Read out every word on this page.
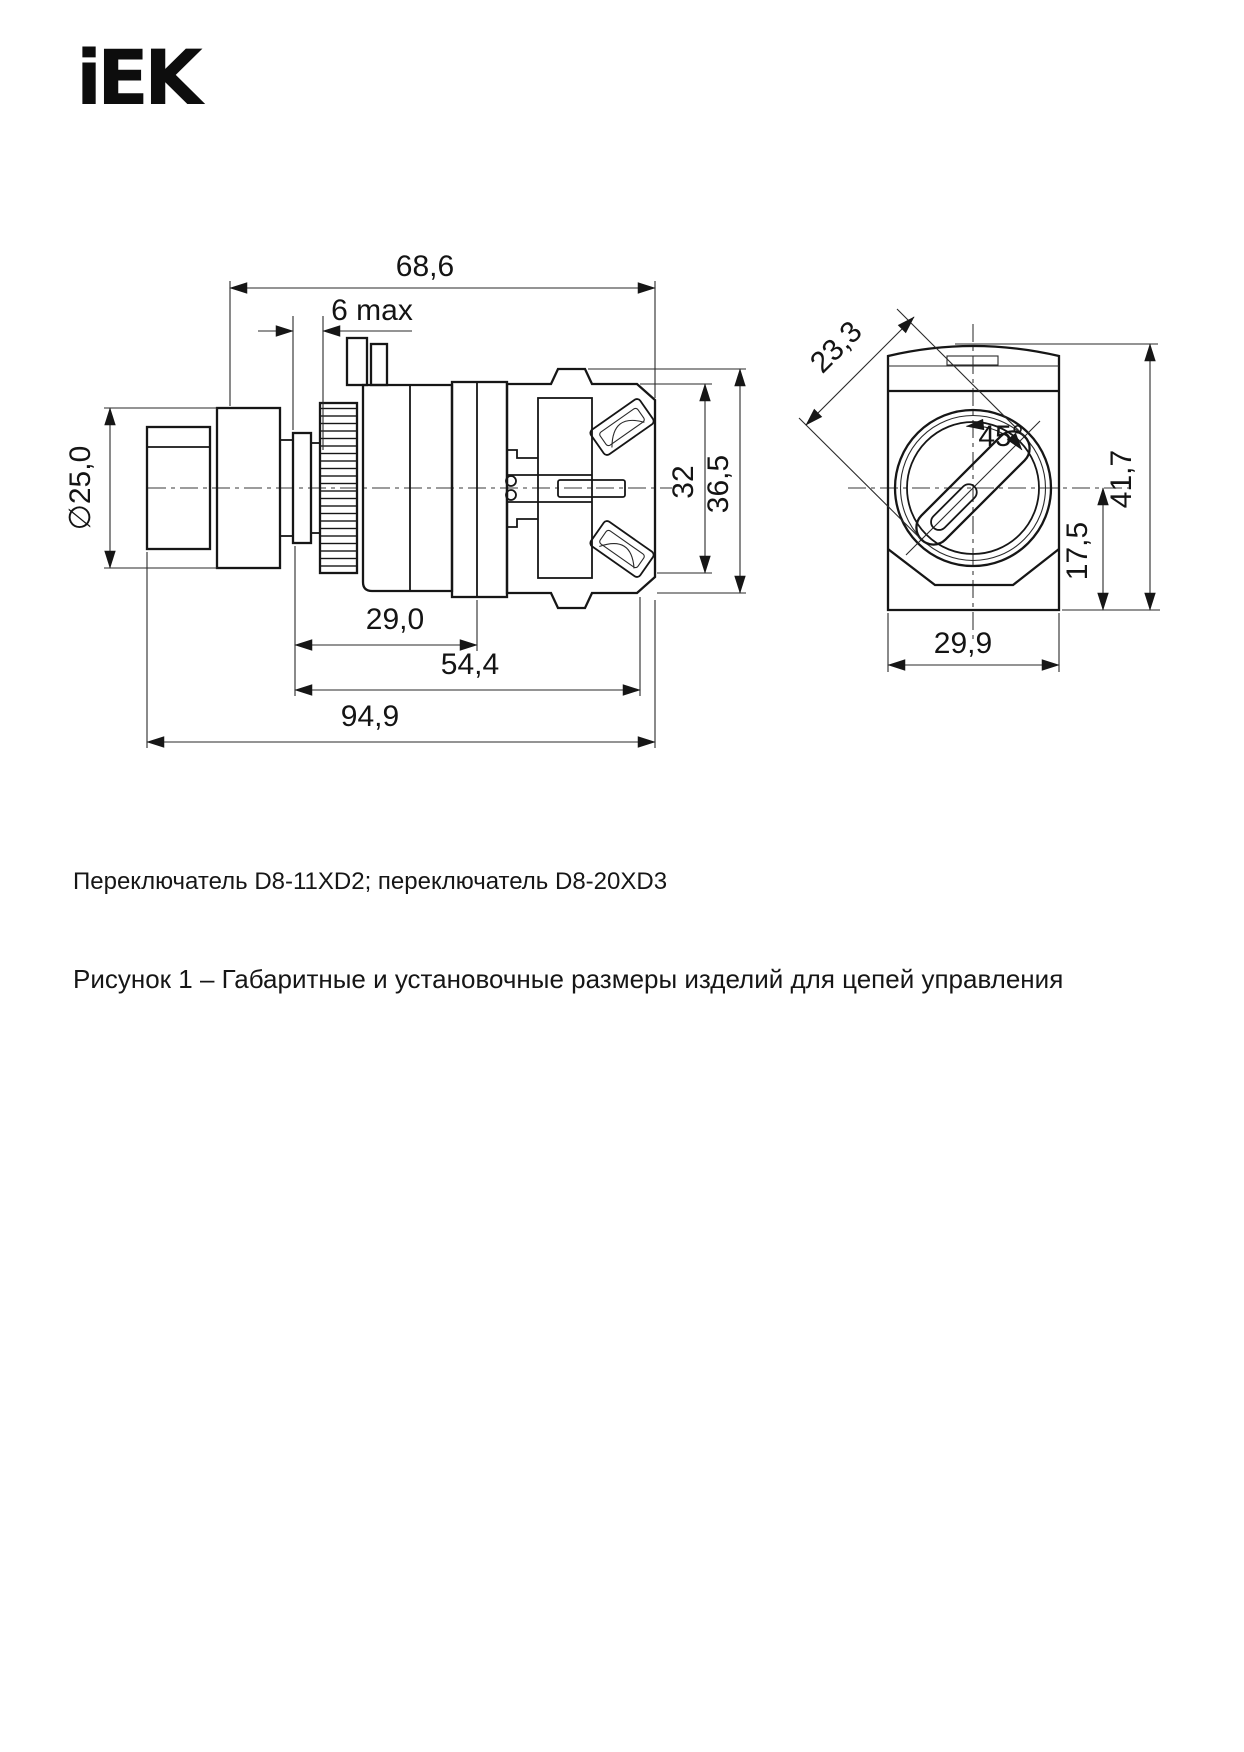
iEK
68,6
6 max
∅25,0
29,0
54,4
94,9
32 36,5
23,3
45°
17,5
41,7
29,9
Переключатель D8-11XD2; переключатель D8-20XD3
Рисунок 1 – Габаритные и установочные размеры изделий для цепей управления
